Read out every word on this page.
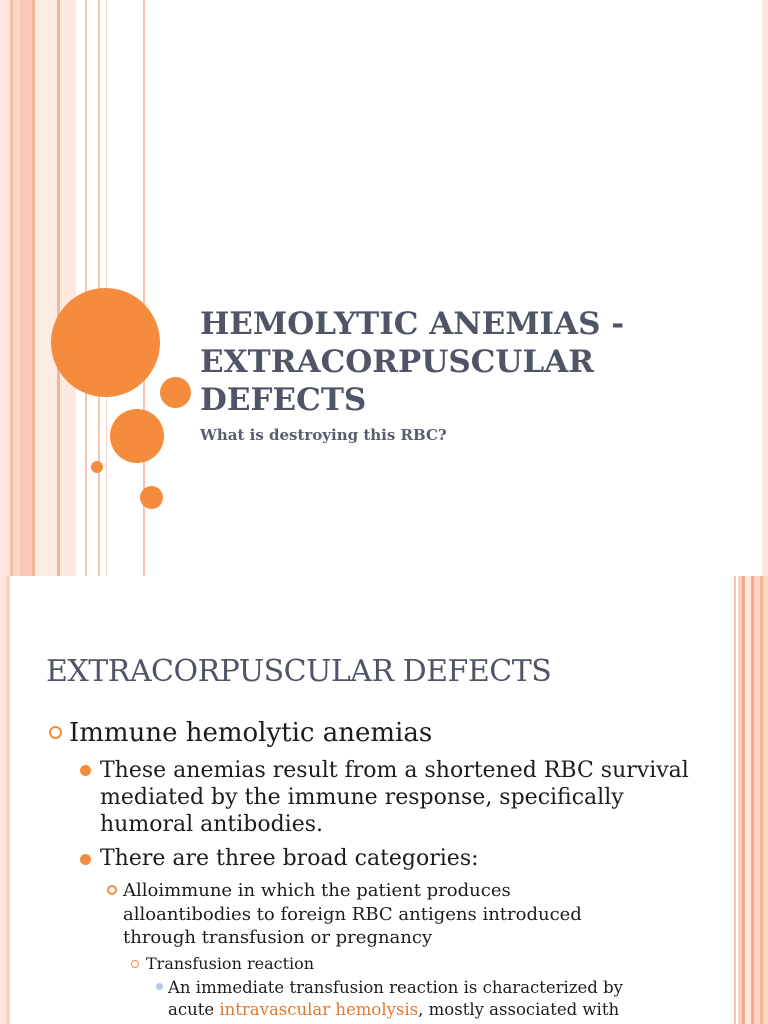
HEMOLYTIC ANEMIAS - EXTRACORPUSCULAR DEFECTS

What is destroying this RBC?

EXTRACORPUSCULAR DEFECTS
Immune hemolytic anemias
These anemias result from a shortened RBC survival mediated by the immune response, specifically humoral antibodies.
There are three broad categories:
Alloimmune in which the patient produces alloantibodies to foreign RBC antigens introduced through transfusion or pregnancy
Transfusion reaction
An immediate transfusion reaction is characterized by acute intravascular hemolysis, mostly associated with
